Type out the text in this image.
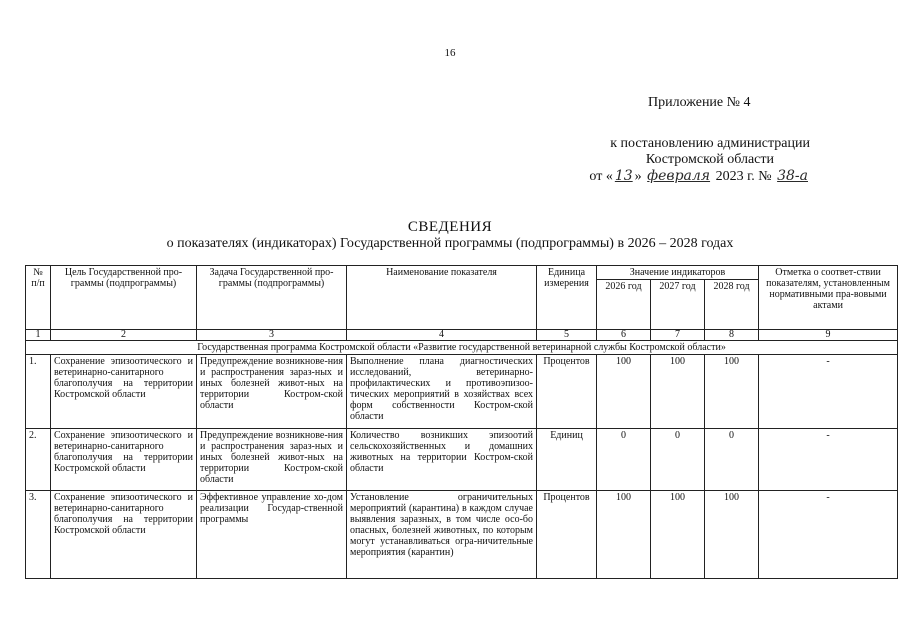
16
Приложение № 4
к постановлению администрации
Костромской области
от « 13 » февраля 2023 г. № 38-а
СВЕДЕНИЯ
о показателях (индикаторах) Государственной программы (подпрограммы) в 2026 – 2028 годах
№ п/п	Цель Государственной про-граммы (подпрограммы)	Задача Государственной про-граммы (подпрограммы)	Наименование показателя	Единица измерения	Значение индикаторов			Отметка о соответ-ствии показателям, установленным нормативными пра-вовыми актами
					2026 год	2027 год	2028 год	
1	2	3	4	5	6	7	8	9
Государственная программа Костромской области «Развитие государственной ветеринарной службы Костромской области»								
1.	Сохранение эпизоотического и ветеринарно-санитарного благополучия на территории Костромской области	Предупреждение возникнове-ния и распространения зараз-ных и иных болезней живот-ных на территории Костром-ской области	Выполнение плана диагностических исследований, ветеринарно-профилактических и противоэпизоо-тических мероприятий в хозяйствах всех форм собственности Костром-ской области	Процентов	100	100	100	-
2.	Сохранение эпизоотического и ветеринарно-санитарного благополучия на территории Костромской области	Предупреждение возникнове-ния и распространения зараз-ных и иных болезней живот-ных на территории Костром-ской области	Количество возникших эпизоотий сельскохозяйственных и домашних животных на территории Костром-ской области	Единиц	0	0	0	-
3.	Сохранение эпизоотического и ветеринарно-санитарного благополучия на территории Костромской области	Эффективное управление хо-дом реализации Государ-ственной программы	Установление ограничительных мероприятий (карантина) в каждом случае выявления заразных, в том числе осо-бо опасных, болезней животных, по которым могут устанавливаться огра-ничительные мероприятия (карантин)	Процентов	100	100	100	-
